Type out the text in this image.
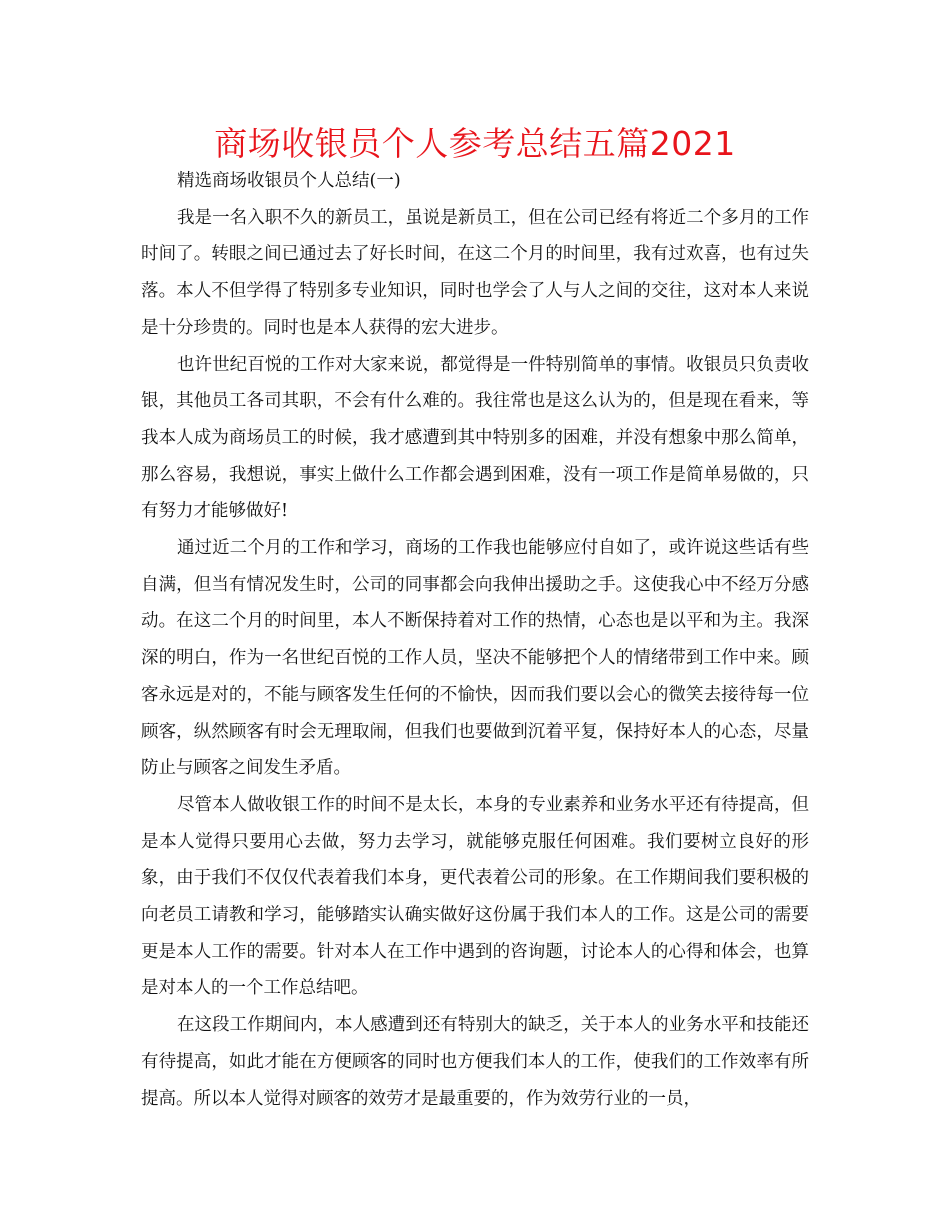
商场收银员个人参考总结五篇2021

精选商场收银员个人总结(一)

我是一名入职不久的新员工，虽说是新员工，但在公司已经有将近二个多月的工作时间了。转眼之间已通过去了好长时间，在这二个月的时间里，我有过欢喜，也有过失落。本人不但学得了特别多专业知识，同时也学会了人与人之间的交往，这对本人来说是十分珍贵的。同时也是本人获得的宏大进步。

也许世纪百悦的工作对大家来说，都觉得是一件特别简单的事情。收银员只负责收银，其他员工各司其职，不会有什么难的。我往常也是这么认为的，但是现在看来，等我本人成为商场员工的时候，我才感遭到其中特别多的困难，并没有想象中那么简单，那么容易，我想说，事实上做什么工作都会遇到困难，没有一项工作是简单易做的，只有努力才能够做好!

通过近二个月的工作和学习，商场的工作我也能够应付自如了，或许说这些话有些自满，但当有情况发生时，公司的同事都会向我伸出援助之手。这使我心中不经万分感动。在这二个月的时间里，本人不断保持着对工作的热情，心态也是以平和为主。我深深的明白，作为一名世纪百悦的工作人员，坚决不能够把个人的情绪带到工作中来。顾客永远是对的，不能与顾客发生任何的不愉快，因而我们要以会心的微笑去接待每一位顾客，纵然顾客有时会无理取闹，但我们也要做到沉着平复，保持好本人的心态，尽量防止与顾客之间发生矛盾。

尽管本人做收银工作的时间不是太长，本身的专业素养和业务水平还有待提高，但是本人觉得只要用心去做，努力去学习，就能够克服任何困难。我们要树立良好的形象，由于我们不仅仅代表着我们本身，更代表着公司的形象。在工作期间我们要积极的向老员工请教和学习，能够踏实认确实做好这份属于我们本人的工作。这是公司的需要更是本人工作的需要。针对本人在工作中遇到的咨询题，讨论本人的心得和体会，也算是对本人的一个工作总结吧。

在这段工作期间内，本人感遭到还有特别大的缺乏，关于本人的业务水平和技能还有待提高，如此才能在方便顾客的同时也方便我们本人的工作，使我们的工作效率有所提高。所以本人觉得对顾客的效劳才是最重要的，作为效劳行业的一员，
